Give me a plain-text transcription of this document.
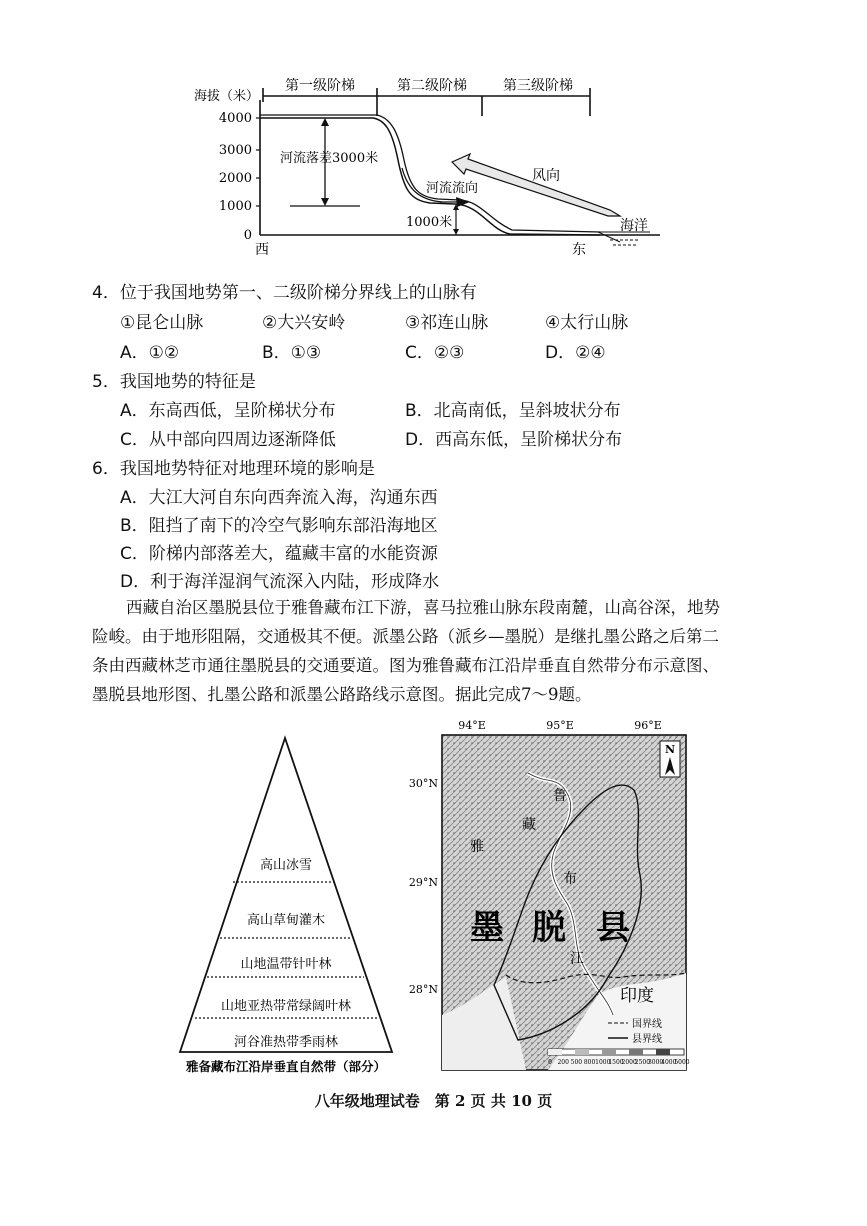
第一级阶梯	第二级阶梯	第三级阶梯
海拔（米）
4000
3000
2000
1000
0
河流落差3000米
1000米
河流流向
风向
海洋
西	东
4．位于我国地势第一、二级阶梯分界线上的山脉有
①昆仑山脉	②大兴安岭	③祁连山脉	④太行山脉
A．①②	B．①③	C．②③	D．②④
5．我国地势的特征是
A．东高西低，呈阶梯状分布	B．北高南低，呈斜坡状分布
C．从中部向四周边逐渐降低	D．西高东低，呈阶梯状分布
6．我国地势特征对地理环境的影响是
A．大江大河自东向西奔流入海，沟通东西
B．阻挡了南下的冷空气影响东部沿海地区
C．阶梯内部落差大，蕴藏丰富的水能资源
D．利于海洋湿润气流深入内陆，形成降水

西藏自治区墨脱县位于雅鲁藏布江下游，喜马拉雅山脉东段南麓，山高谷深，地势

险峻。由于地形阻隔，交通极其不便。派墨公路（派乡—墨脱）是继扎墨公路之后第二

条由西藏林芝市通往墨脱县的交通要道。图为雅鲁藏布江沿岸垂直自然带分布示意图、

墨脱县地形图、扎墨公路和派墨公路路线示意图。据此完成7～9题。

高山冰雪
高山草甸灌木
山地温带针叶林
山地亚热带常绿阔叶林
河谷准热带季雨林
雅备藏布江沿岸垂直自然带（部分）
94°E	95°E	96°E
30°N
29°N
28°N
N
雅
鲁
藏
布
江
墨 脱 县
印度
国界线
县界线
0 200 500 800 1000
1500
2000
2500
3000
4000
5000
八年级地理试卷　第 2 页 共 10 页
